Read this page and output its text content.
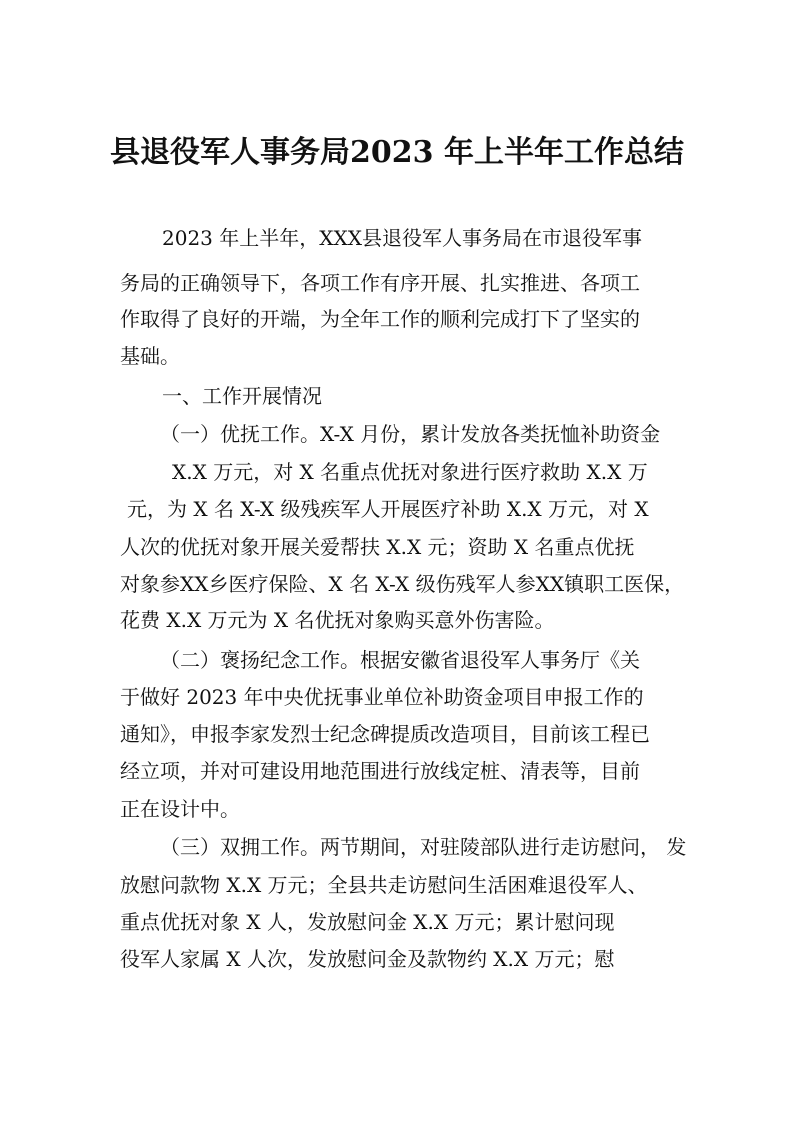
县退役军人事务局2023 年上半年工作总结
2023 年上半年，XXX县退役军人事务局在市退役军事
务局的正确领导下，各项工作有序开展、扎实推进、各项工
作取得了良好的开端，为全年工作的顺利完成打下了坚实的
基础。
一、工作开展情况
（一）优抚工作。X-X 月份，累计发放各类抚恤补助资金
X.X 万元，对 X 名重点优抚对象进行医疗救助 X.X 万
元，为 X 名 X-X 级残疾军人开展医疗补助 X.X 万元，对 X
人次的优抚对象开展关爱帮扶 X.X 元；资助 X 名重点优抚
对象参XX乡医疗保险、X 名 X-X 级伤残军人参XX镇职工医保，
花费 X.X 万元为 X 名优抚对象购买意外伤害险。
（二）褒扬纪念工作。根据安徽省退役军人事务厅《关
于做好 2023 年中央优抚事业单位补助资金项目申报工作的
通知》，申报李家发烈士纪念碑提质改造项目，目前该工程已
经立项，并对可建设用地范围进行放线定桩、清表等，目前
正在设计中。
（三）双拥工作。两节期间，对驻陵部队进行走访慰问， 发
放慰问款物 X.X 万元；全县共走访慰问生活困难退役军人、
重点优抚对象 X 人，发放慰问金 X.X 万元；累计慰问现
役军人家属 X 人次，发放慰问金及款物约 X.X 万元；慰
